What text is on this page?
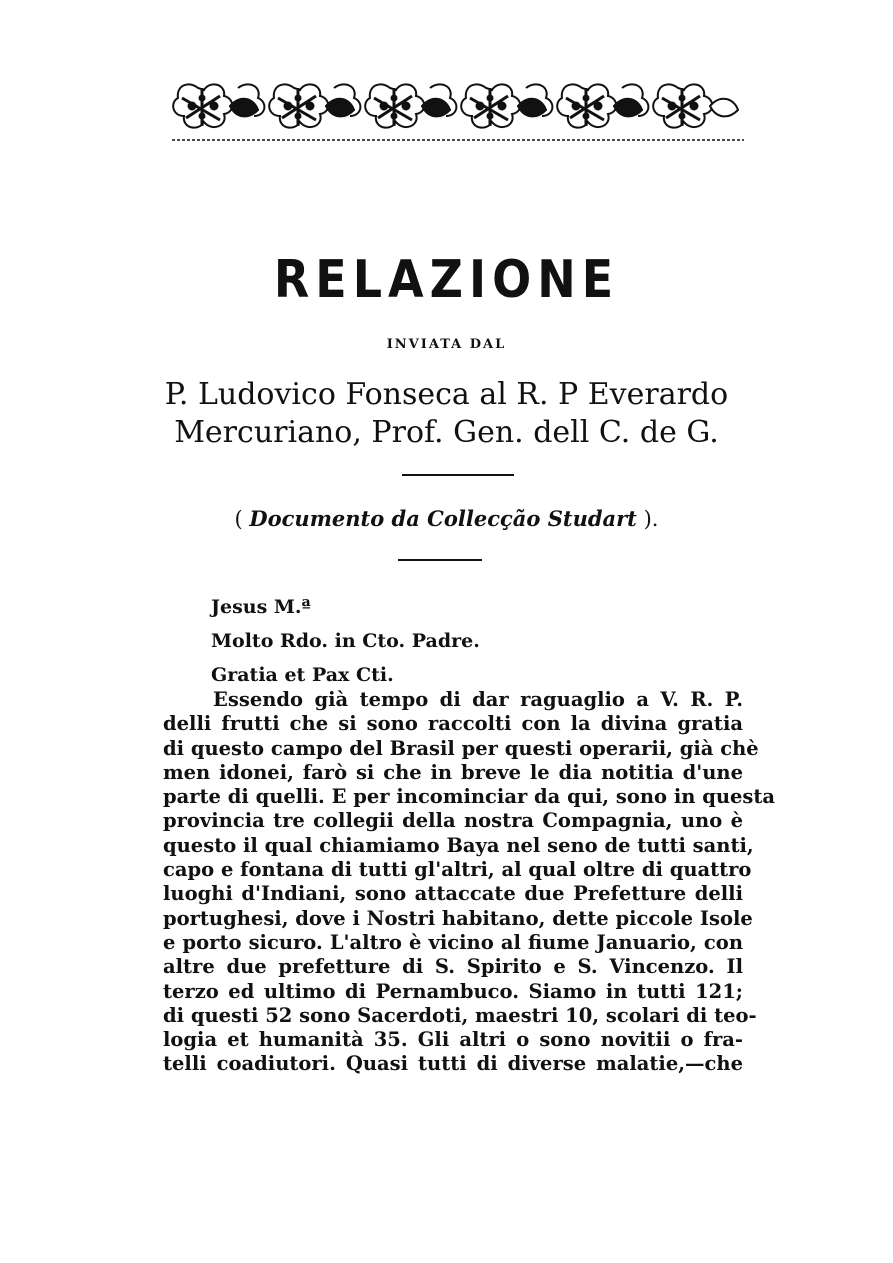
RELAZIONE
INVIATA DAL
P. Ludovico Fonseca al R. P Everardo
Mercuriano, Prof. Gen. dell C. de G.
( Documento da Collecção Studart ).
Jesus M.ª
Molto Rdo. in Cto. Padre.
Gratia et Pax Cti.
Essendo già tempo di dar raguaglio a V. R. P.
delli frutti che si sono raccolti con la divina gratia
di questo campo del Brasil per questi operarii, già chè
men idonei, farò si che in breve le dia notitia d'une
parte di quelli. E per incominciar da qui, sono in questa
provincia tre collegii della nostra Compagnia, uno è
questo il qual chiamiamo Baya nel seno de tutti santi,
capo e fontana di tutti gl'altri, al qual oltre di quattro
luoghi d'Indiani, sono attaccate due Prefetture delli
portughesi, dove i Nostri habitano, dette piccole Isole
e porto sicuro. L'altro è vicino al fiume Januario, con
altre due prefetture di S. Spirito e S. Vincenzo. Il
terzo ed ultimo di Pernambuco. Siamo in tutti 121;
di questi 52 sono Sacerdoti, maestri 10, scolari di teo-
logia et humanità 35. Gli altri o sono novitii o fra-
telli coadiutori. Quasi tutti di diverse malatie,—che
